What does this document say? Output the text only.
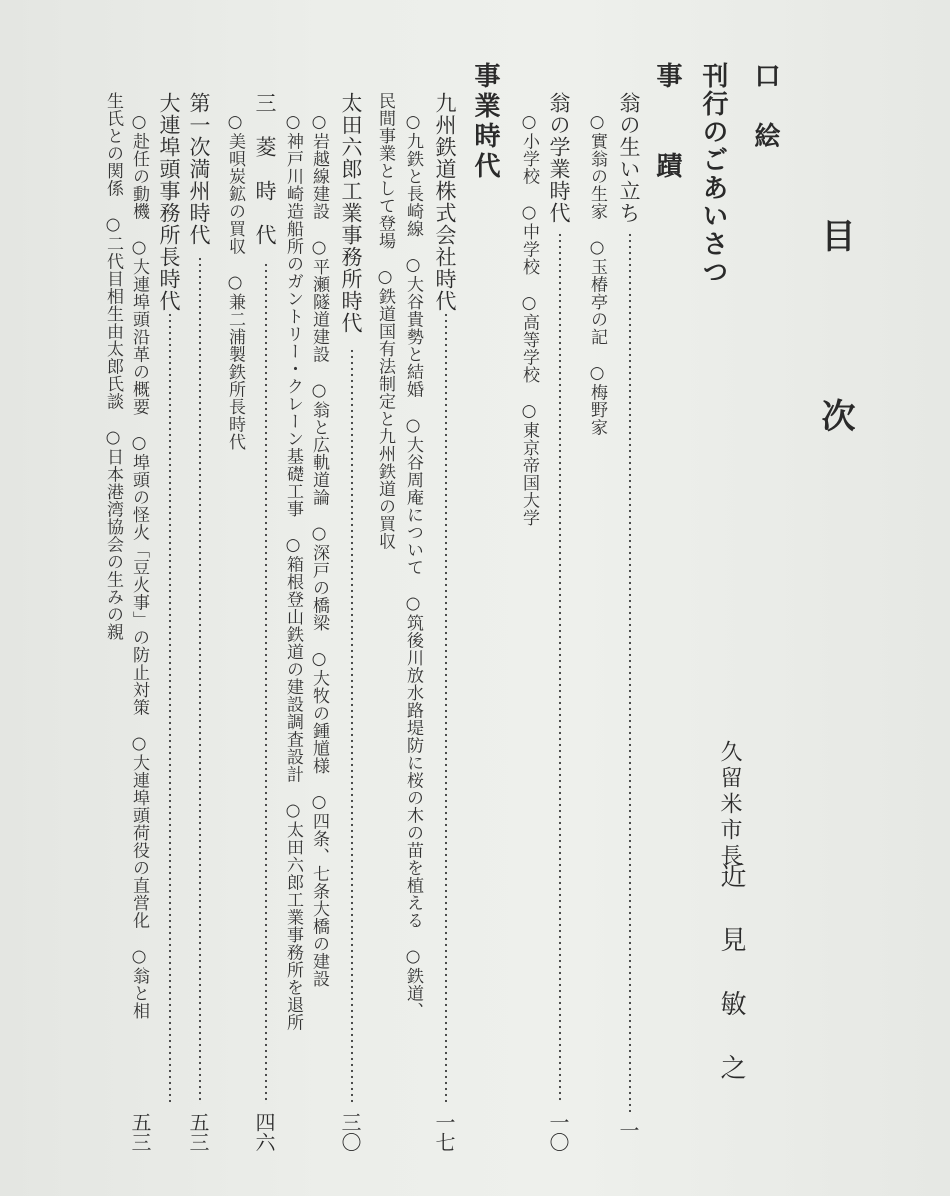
目
次
口　絵
刊行のごあいさつ
久留米市長
近　見　敏　之
事　　蹟
翁の生い立ち
一
○實翁の生家　○玉椿亭の記　○梅野家
翁の学業時代
一〇
○小学校　○中学校　○高等学校　○東京帝国大学
事業時代
九州鉄道株式会社時代
一七
○九鉄と長崎線　○大谷貴勢と結婚　○大谷周庵について　○筑後川放水路堤防に桜の木の苗を植える　○鉄道、
民間事業として登場　○鉄道国有法制定と九州鉄道の買収
太田六郎工業事務所時代
三〇
○岩越線建設　○平瀬隧道建設　○翁と広軌道論　○深戸の橋梁　○大牧の鍾馗様　○四条、七条大橋の建設
○神戸川崎造船所のガントリー・クレーン基礎工事　○箱根登山鉄道の建設調査設計　○太田六郎工業事務所を退所
三　菱　時　代
四六
○美唄炭鉱の買収　○兼二浦製鉄所長時代
第一次満州時代
五三
大連埠頭事務所長時代
○赴任の動機　○大連埠頭沿革の概要　○埠頭の怪火「豆火事」の防止対策　○大連埠頭荷役の直営化　○翁と相
生氏との関係　○二代目相生由太郎氏談　○日本港湾協会の生みの親
五三
